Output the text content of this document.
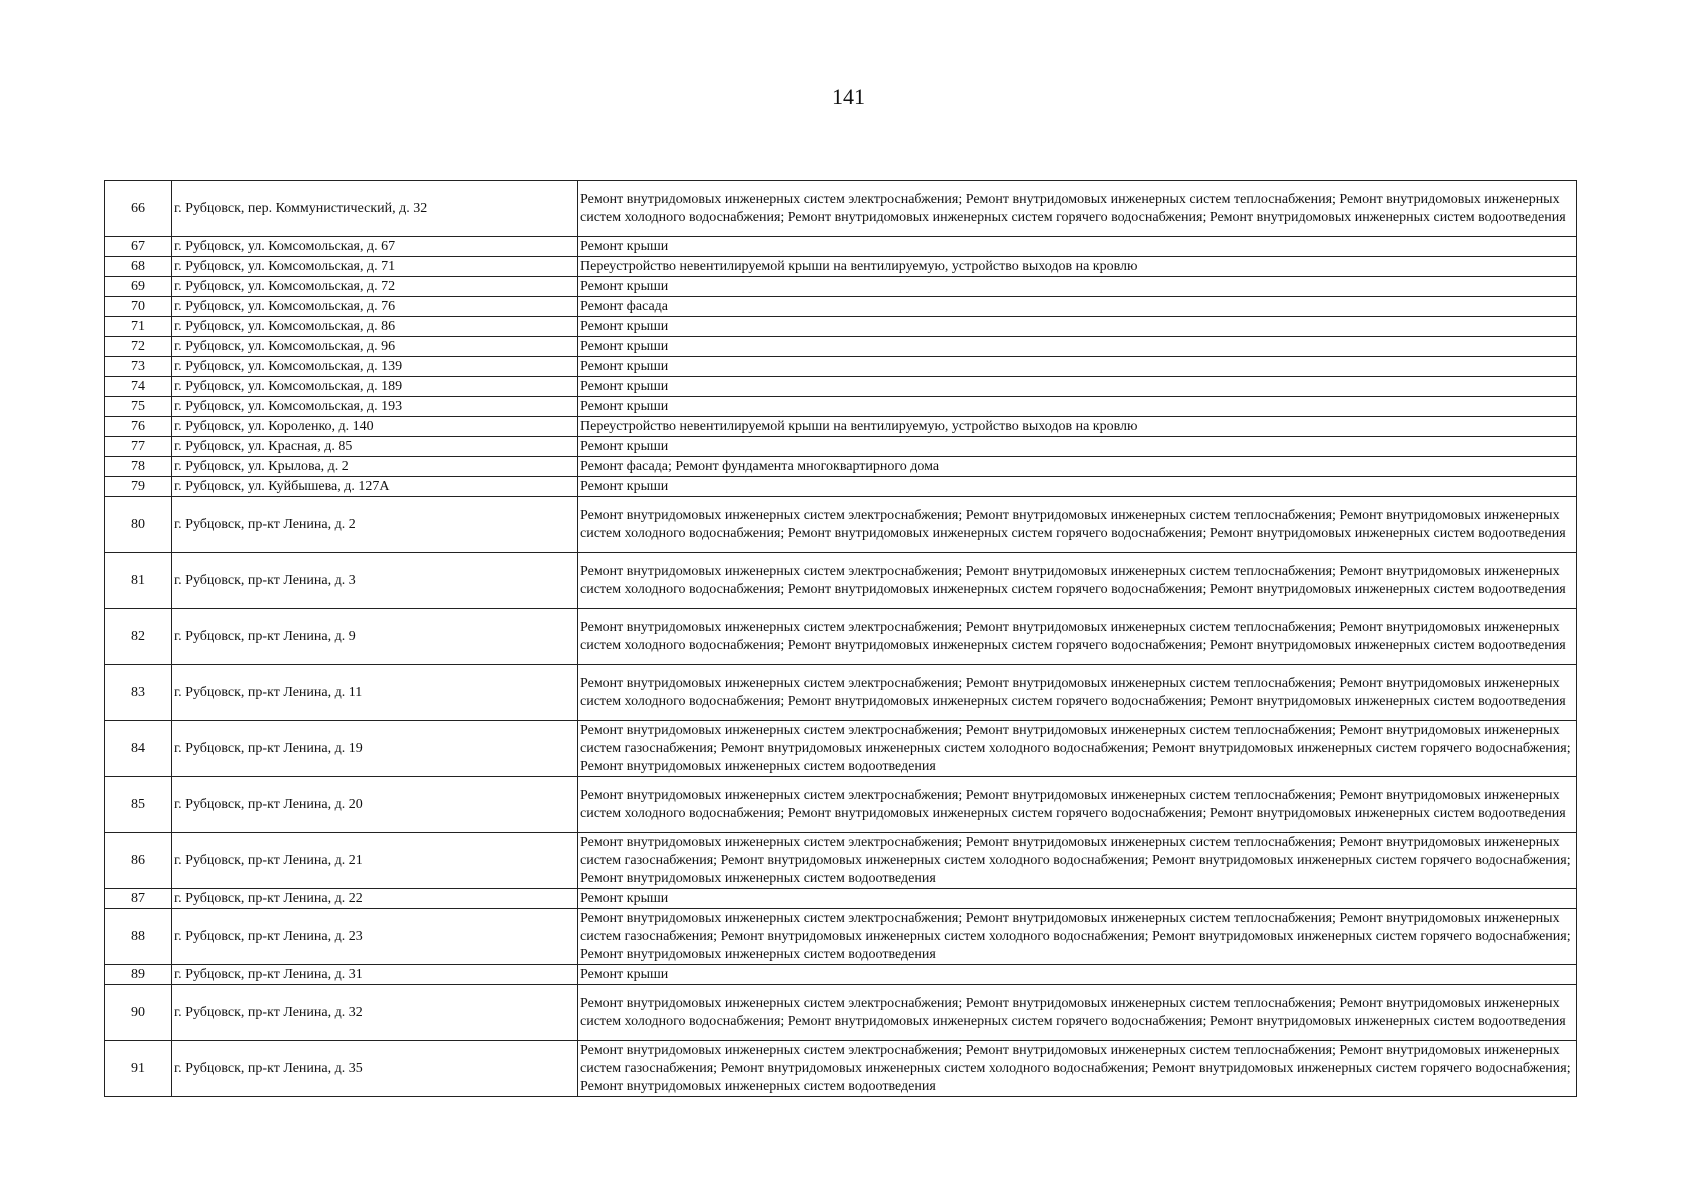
141
66	г. Рубцовск, пер. Коммунистический, д. 32	Ремонт внутридомовых инженерных систем электроснабжения; Ремонт внутридомовых инженерных систем теплоснабжения; Ремонт внутридомовых инженерных систем холодного водоснабжения; Ремонт внутридомовых инженерных систем горячего водоснабжения; Ремонт внутридомовых инженерных систем водоотведения
67	г. Рубцовск, ул. Комсомольская, д. 67	Ремонт крыши
68	г. Рубцовск, ул. Комсомольская, д. 71	Переустройство невентилируемой крыши на вентилируемую, устройство выходов на кровлю
69	г. Рубцовск, ул. Комсомольская, д. 72	Ремонт крыши
70	г. Рубцовск, ул. Комсомольская, д. 76	Ремонт фасада
71	г. Рубцовск, ул. Комсомольская, д. 86	Ремонт крыши
72	г. Рубцовск, ул. Комсомольская, д. 96	Ремонт крыши
73	г. Рубцовск, ул. Комсомольская, д. 139	Ремонт крыши
74	г. Рубцовск, ул. Комсомольская, д. 189	Ремонт крыши
75	г. Рубцовск, ул. Комсомольская, д. 193	Ремонт крыши
76	г. Рубцовск, ул. Короленко, д. 140	Переустройство невентилируемой крыши на вентилируемую, устройство выходов на кровлю
77	г. Рубцовск, ул. Красная, д. 85	Ремонт крыши
78	г. Рубцовск, ул. Крылова, д. 2	Ремонт фасада; Ремонт фундамента многоквартирного дома
79	г. Рубцовск, ул. Куйбышева, д. 127А	Ремонт крыши
80	г. Рубцовск, пр-кт Ленина, д. 2	Ремонт внутридомовых инженерных систем электроснабжения; Ремонт внутридомовых инженерных систем теплоснабжения; Ремонт внутридомовых инженерных систем холодного водоснабжения; Ремонт внутридомовых инженерных систем горячего водоснабжения; Ремонт внутридомовых инженерных систем водоотведения
81	г. Рубцовск, пр-кт Ленина, д. 3	Ремонт внутридомовых инженерных систем электроснабжения; Ремонт внутридомовых инженерных систем теплоснабжения; Ремонт внутридомовых инженерных систем холодного водоснабжения; Ремонт внутридомовых инженерных систем горячего водоснабжения; Ремонт внутридомовых инженерных систем водоотведения
82	г. Рубцовск, пр-кт Ленина, д. 9	Ремонт внутридомовых инженерных систем электроснабжения; Ремонт внутридомовых инженерных систем теплоснабжения; Ремонт внутридомовых инженерных систем холодного водоснабжения; Ремонт внутридомовых инженерных систем горячего водоснабжения; Ремонт внутридомовых инженерных систем водоотведения
83	г. Рубцовск, пр-кт Ленина, д. 11	Ремонт внутридомовых инженерных систем электроснабжения; Ремонт внутридомовых инженерных систем теплоснабжения; Ремонт внутридомовых инженерных систем холодного водоснабжения; Ремонт внутридомовых инженерных систем горячего водоснабжения; Ремонт внутридомовых инженерных систем водоотведения
84	г. Рубцовск, пр-кт Ленина, д. 19	Ремонт внутридомовых инженерных систем электроснабжения; Ремонт внутридомовых инженерных систем теплоснабжения; Ремонт внутридомовых инженерных систем газоснабжения; Ремонт внутридомовых инженерных систем холодного водоснабжения; Ремонт внутридомовых инженерных систем горячего водоснабжения; Ремонт внутридомовых инженерных систем водоотведения
85	г. Рубцовск, пр-кт Ленина, д. 20	Ремонт внутридомовых инженерных систем электроснабжения; Ремонт внутридомовых инженерных систем теплоснабжения; Ремонт внутридомовых инженерных систем холодного водоснабжения; Ремонт внутридомовых инженерных систем горячего водоснабжения; Ремонт внутридомовых инженерных систем водоотведения
86	г. Рубцовск, пр-кт Ленина, д. 21	Ремонт внутридомовых инженерных систем электроснабжения; Ремонт внутридомовых инженерных систем теплоснабжения; Ремонт внутридомовых инженерных систем газоснабжения; Ремонт внутридомовых инженерных систем холодного водоснабжения; Ремонт внутридомовых инженерных систем горячего водоснабжения; Ремонт внутридомовых инженерных систем водоотведения
87	г. Рубцовск, пр-кт Ленина, д. 22	Ремонт крыши
88	г. Рубцовск, пр-кт Ленина, д. 23	Ремонт внутридомовых инженерных систем электроснабжения; Ремонт внутридомовых инженерных систем теплоснабжения; Ремонт внутридомовых инженерных систем газоснабжения; Ремонт внутридомовых инженерных систем холодного водоснабжения; Ремонт внутридомовых инженерных систем горячего водоснабжения; Ремонт внутридомовых инженерных систем водоотведения
89	г. Рубцовск, пр-кт Ленина, д. 31	Ремонт крыши
90	г. Рубцовск, пр-кт Ленина, д. 32	Ремонт внутридомовых инженерных систем электроснабжения; Ремонт внутридомовых инженерных систем теплоснабжения; Ремонт внутридомовых инженерных систем холодного водоснабжения; Ремонт внутридомовых инженерных систем горячего водоснабжения; Ремонт внутридомовых инженерных систем водоотведения
91	г. Рубцовск, пр-кт Ленина, д. 35	Ремонт внутридомовых инженерных систем электроснабжения; Ремонт внутридомовых инженерных систем теплоснабжения; Ремонт внутридомовых инженерных систем газоснабжения; Ремонт внутридомовых инженерных систем холодного водоснабжения; Ремонт внутридомовых инженерных систем горячего водоснабжения; Ремонт внутридомовых инженерных систем водоотведения
